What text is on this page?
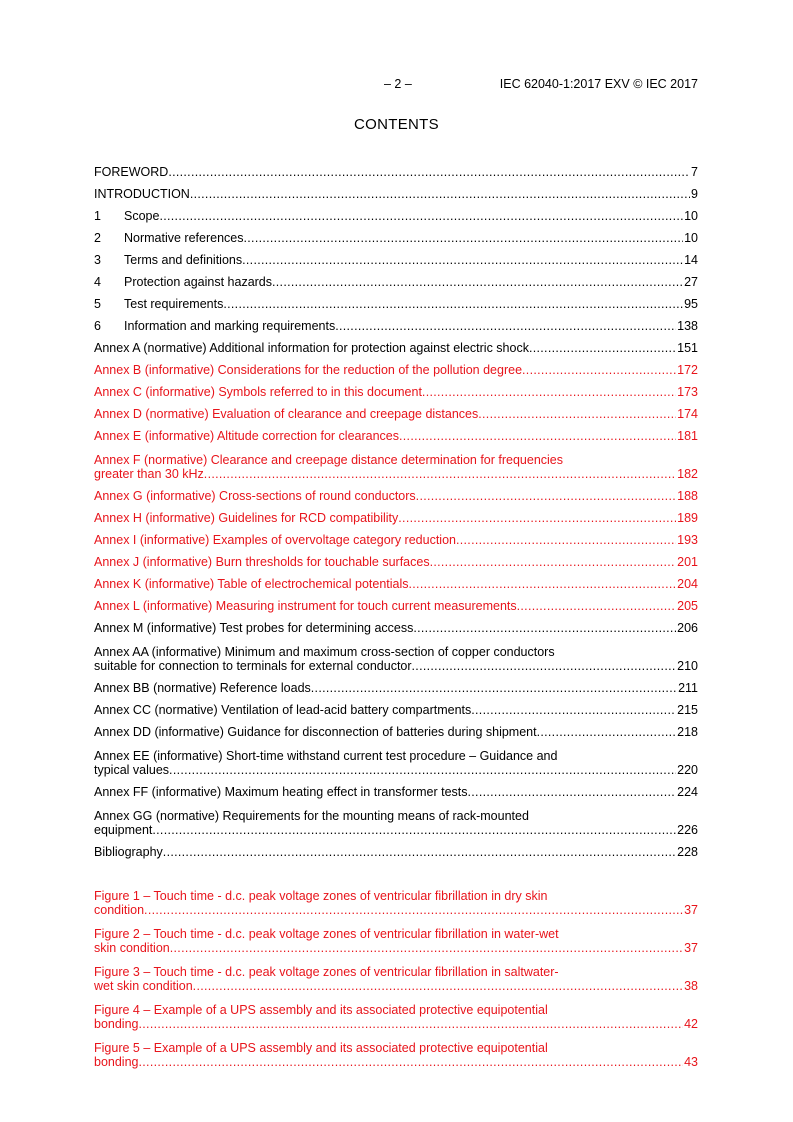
– 2 –	IEC 62040-1:2017 EXV © IEC 2017
CONTENTS
FOREWORD .....	7
INTRODUCTION .....	9
1 Scope .....	10
2 Normative references .....	10
3 Terms and definitions .....	14
4 Protection against hazards .....	27
5 Test requirements .....	95
6 Information and marking requirements .....	138
Annex A (normative) Additional information for protection against electric shock .....	151
Annex B (informative) Considerations for the reduction of the pollution degree .....	172
Annex C (informative) Symbols referred to in this document .....	173
Annex D (normative) Evaluation of clearance and creepage distances .....	174
Annex E (informative) Altitude correction for clearances .....	181
Annex F (normative) Clearance and creepage distance determination for frequencies
greater than 30 kHz .....	182
Annex G (informative) Cross-sections of round conductors .....	188
Annex H (informative) Guidelines for RCD compatibility .....	189
Annex I (informative) Examples of overvoltage category reduction .....	193
Annex J (informative) Burn thresholds for touchable surfaces .....	201
Annex K (informative) Table of electrochemical potentials .....	204
Annex L (informative) Measuring instrument for touch current measurements .....	205
Annex M (informative) Test probes for determining access .....	206
Annex AA (informative) Minimum and maximum cross-section of copper conductors
suitable for connection to terminals for external conductor .....	210
Annex BB (normative) Reference loads .....	211
Annex CC (normative) Ventilation of lead-acid battery compartments .....	215
Annex DD (informative) Guidance for disconnection of batteries during shipment .....	218
Annex EE (informative) Short-time withstand current test procedure – Guidance and
typical values .....	220
Annex FF (informative) Maximum heating effect in transformer tests .....	224
Annex GG (normative) Requirements for the mounting means of rack-mounted
equipment .....	226
Bibliography .....	228
Figure 1 – Touch time - d.c. peak voltage zones of ventricular fibrillation in dry skin
condition .....	37
Figure 2 – Touch time - d.c. peak voltage zones of ventricular fibrillation in water-wet
skin condition .....	37
Figure 3 – Touch time - d.c. peak voltage zones of ventricular fibrillation in saltwater-
wet skin condition .....	38
Figure 4 – Example of a UPS assembly and its associated protective equipotential
bonding .....	42
Figure 5 – Example of a UPS assembly and its associated protective equipotential
bonding .....	43
